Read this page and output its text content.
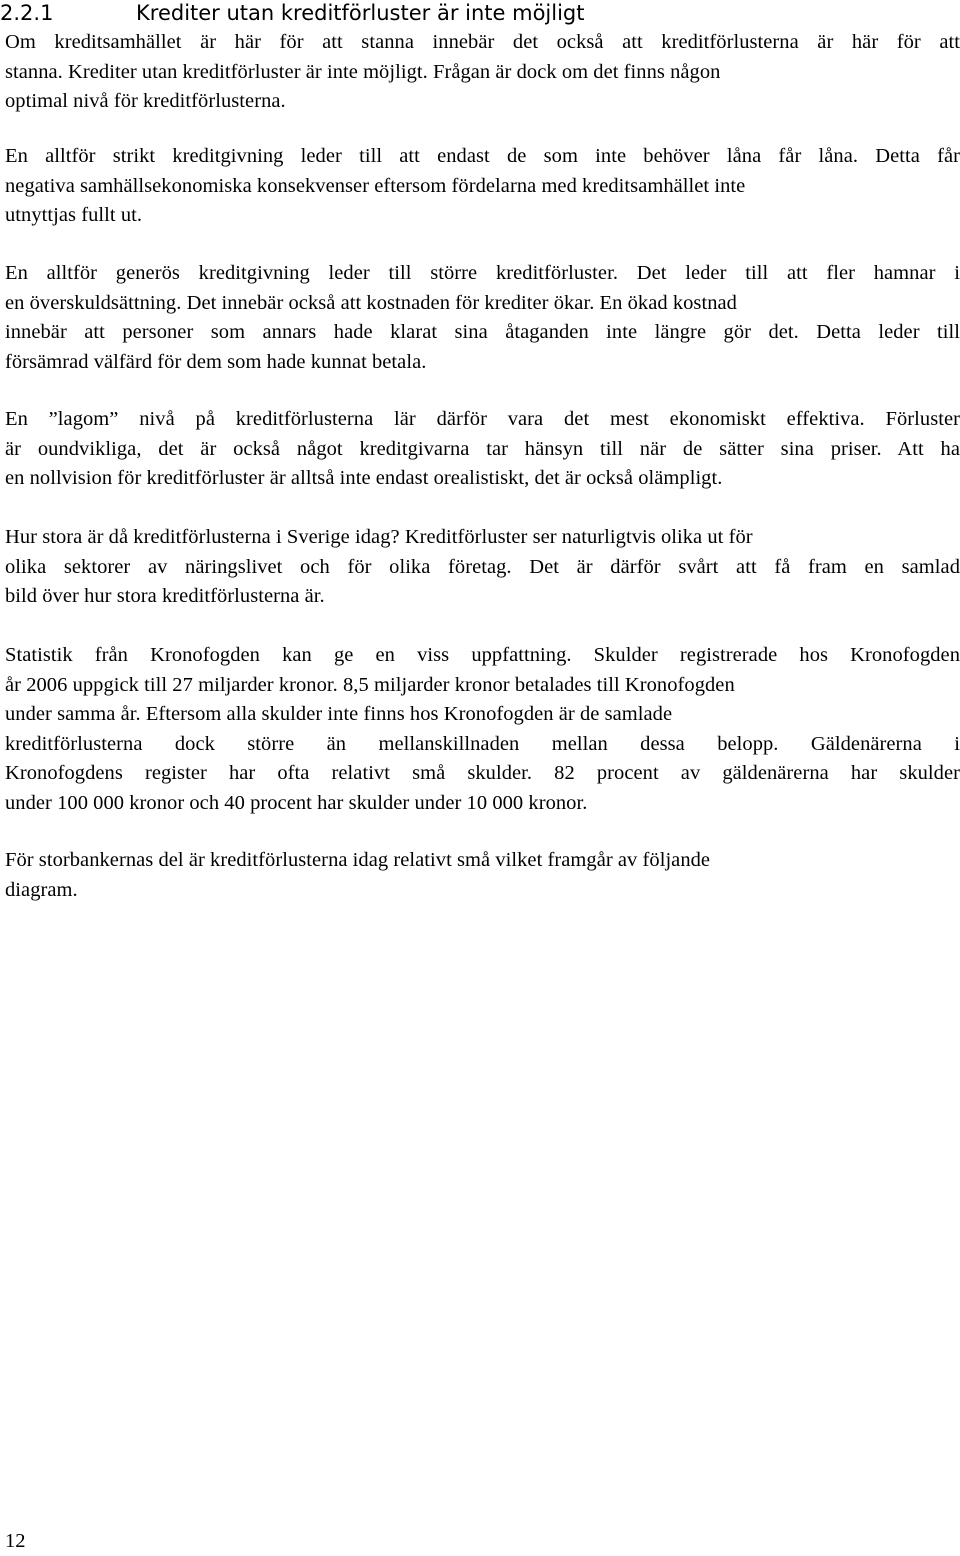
2.2.1	Krediter utan kreditförluster är inte möjligt
Om kreditsamhället är här för att stanna innebär det också att kreditförlusterna är här för att
stanna. Krediter utan kreditförluster är inte möjligt. Frågan är dock om det finns någon
optimal nivå för kreditförlusterna.
En alltför strikt kreditgivning leder till att endast de som inte behöver låna får låna. Detta får
negativa samhällsekonomiska konsekvenser eftersom fördelarna med kreditsamhället inte
utnyttjas fullt ut.
En alltför generös kreditgivning leder till större kreditförluster. Det leder till att fler hamnar i
en överskuldsättning. Det innebär också att kostnaden för krediter ökar. En ökad kostnad
innebär att personer som annars hade klarat sina åtaganden inte längre gör det. Detta leder till
försämrad välfärd för dem som hade kunnat betala.
En ”lagom” nivå på kreditförlusterna lär därför vara det mest ekonomiskt effektiva. Förluster
är oundvikliga, det är också något kreditgivarna tar hänsyn till när de sätter sina priser. Att ha
en nollvision för kreditförluster är alltså inte endast orealistiskt, det är också olämpligt.
Hur stora är då kreditförlusterna i Sverige idag? Kreditförluster ser naturligtvis olika ut för
olika sektorer av näringslivet och för olika företag. Det är därför svårt att få fram en samlad
bild över hur stora kreditförlusterna är.
Statistik från Kronofogden kan ge en viss uppfattning. Skulder registrerade hos Kronofogden
år 2006 uppgick till 27 miljarder kronor. 8,5 miljarder kronor betalades till Kronofogden
under samma år. Eftersom alla skulder inte finns hos Kronofogden är de samlade
kreditförlusterna dock större än mellanskillnaden mellan dessa belopp. Gäldenärerna i
Kronofogdens register har ofta relativt små skulder. 82 procent av gäldenärerna har skulder
under 100 000 kronor och 40 procent har skulder under 10 000 kronor.
För storbankernas del är kreditförlusterna idag relativt små vilket framgår av följande
diagram.
12
